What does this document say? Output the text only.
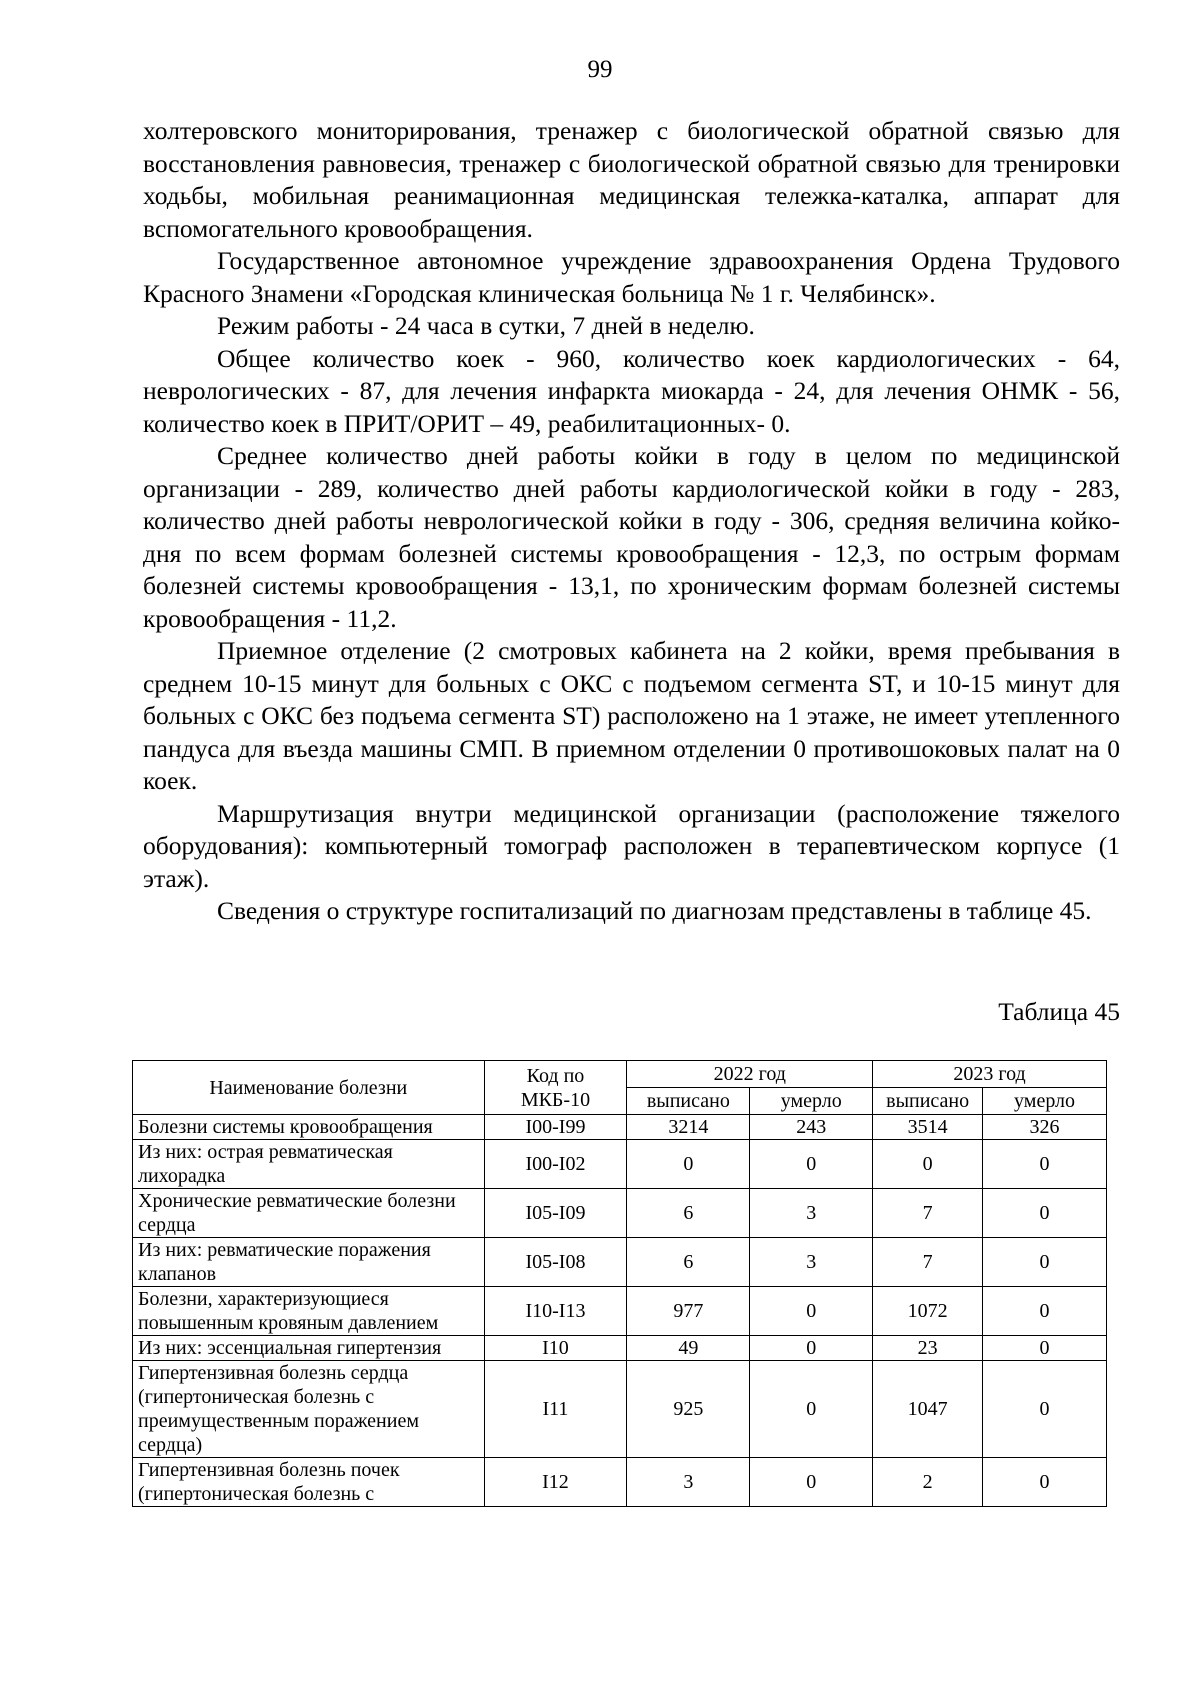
99

холтеровского мониторирования, тренажер с биологической обратной связью для восстановления равновесия, тренажер с биологической обратной связью для тренировки ходьбы, мобильная реанимационная медицинская тележка-каталка, аппарат для вспомогательного кровообращения.

Государственное автономное учреждение здравоохранения Ордена Трудового Красного Знамени «Городская клиническая больница № 1 г. Челябинск».

Режим работы - 24 часа в сутки, 7 дней в неделю.

Общее количество коек - 960, количество коек кардиологических - 64, неврологических - 87, для лечения инфаркта миокарда - 24, для лечения ОНМК - 56, количество коек в ПРИТ/ОРИТ – 49, реабилитационных- 0.

Среднее количество дней работы койки в году в целом по медицинской организации - 289, количество дней работы кардиологической койки в году - 283, количество дней работы неврологической койки в году - 306, средняя величина койко-дня по всем формам болезней системы кровообращения - 12,3, по острым формам болезней системы кровообращения - 13,1, по хроническим формам болезней системы кровообращения - 11,2.

Приемное отделение (2 смотровых кабинета на 2 койки, время пребывания в среднем 10-15 минут для больных с ОКС с подъемом сегмента ST, и 10-15 минут для больных с ОКС без подъема сегмента ST) расположено на 1 этаже, не имеет утепленного пандуса для въезда машины СМП. В приемном отделении 0 противошоковых палат на 0 коек.

Маршрутизация внутри медицинской организации (расположение тяжелого оборудования): компьютерный томограф расположен в терапевтическом корпусе (1 этаж).

Сведения о структуре госпитализаций по диагнозам представлены в таблице 45.

Таблица 45
Наименование болезни	Код по МКБ-10	2022 год		2023 год	
		выписано	умерло	выписано	умерло
Болезни системы кровообращения	I00-I99	3214	243	3514	326
Из них: острая ревматическая лихорадка	I00-I02	0	0	0	0
Хронические ревматические болезни сердца	I05-I09	6	3	7	0
Из них: ревматические поражения клапанов	I05-I08	6	3	7	0
Болезни, характеризующиеся повышенным кровяным давлением	I10-I13	977	0	1072	0
Из них: эссенциальная гипертензия	I10	49	0	23	0
Гипертензивная болезнь сердца (гипертоническая болезнь с преимущественным поражением сердца)	I11	925	0	1047	0
Гипертензивная болезнь почек (гипертоническая болезнь с	I12	3	0	2	0
